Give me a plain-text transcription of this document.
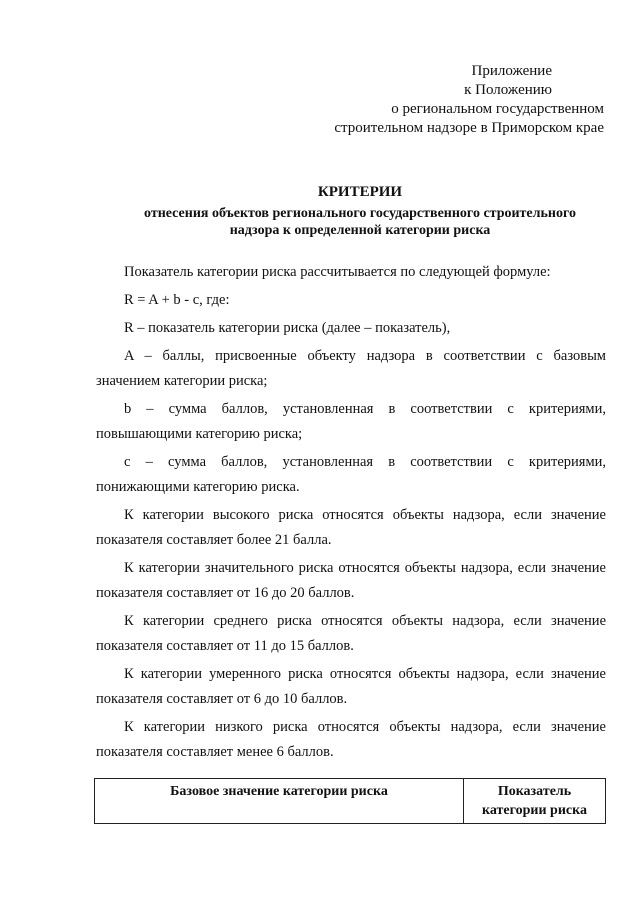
Приложение
к Положению
о региональном государственном
строительном надзоре в Приморском крае
КРИТЕРИИ
отнесения объектов регионального государственного строительного
надзора к определенной категории риска

Показатель категории риска рассчитывается по следующей формуле:

R = A + b - с, где:

R – показатель категории риска (далее – показатель),

A – баллы, присвоенные объекту надзора в соответствии с базовым значением категории риска;

b – сумма баллов, установленная в соответствии с критериями, повышающими категорию риска;

с – сумма баллов, установленная в соответствии с критериями, понижающими категорию риска.

К категории высокого риска относятся объекты надзора, если значение показателя составляет более 21 балла.

К категории значительного риска относятся объекты надзора, если значение показателя составляет от 16 до 20 баллов.

К категории среднего риска относятся объекты надзора, если значение показателя составляет от 11 до 15 баллов.

К категории умеренного риска относятся объекты надзора, если значение показателя составляет от 6 до 10 баллов.

К категории низкого риска относятся объекты надзора, если значение показателя составляет менее 6 баллов.

Базовое значение категории риска	Показатель
категории риска
